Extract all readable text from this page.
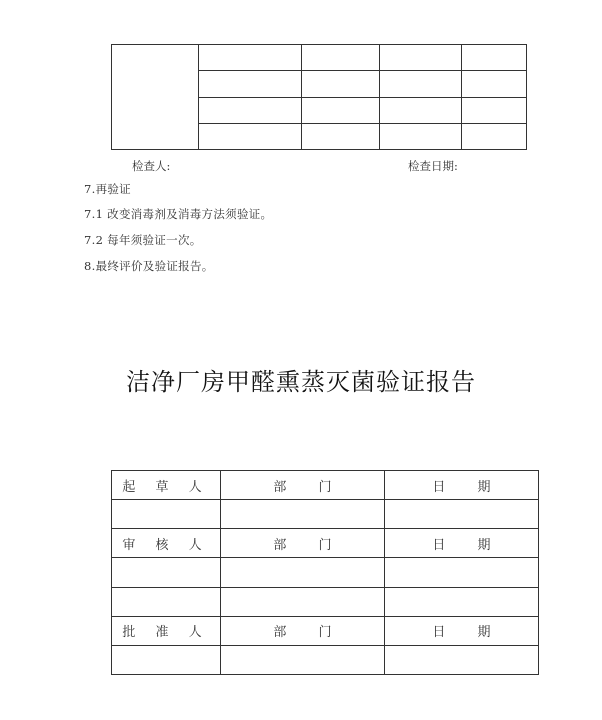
检查人:	检查日期:
7.再验证
7.1 改变消毒剂及消毒方法须验证。
7.2 每年须验证一次。
8.最终评价及验证报告。
洁净厂房甲醛熏蒸灭菌验证报告
起 草 人	部 门	日 期

审 核 人	部 门	日 期

批 准 人	部 门	日 期
